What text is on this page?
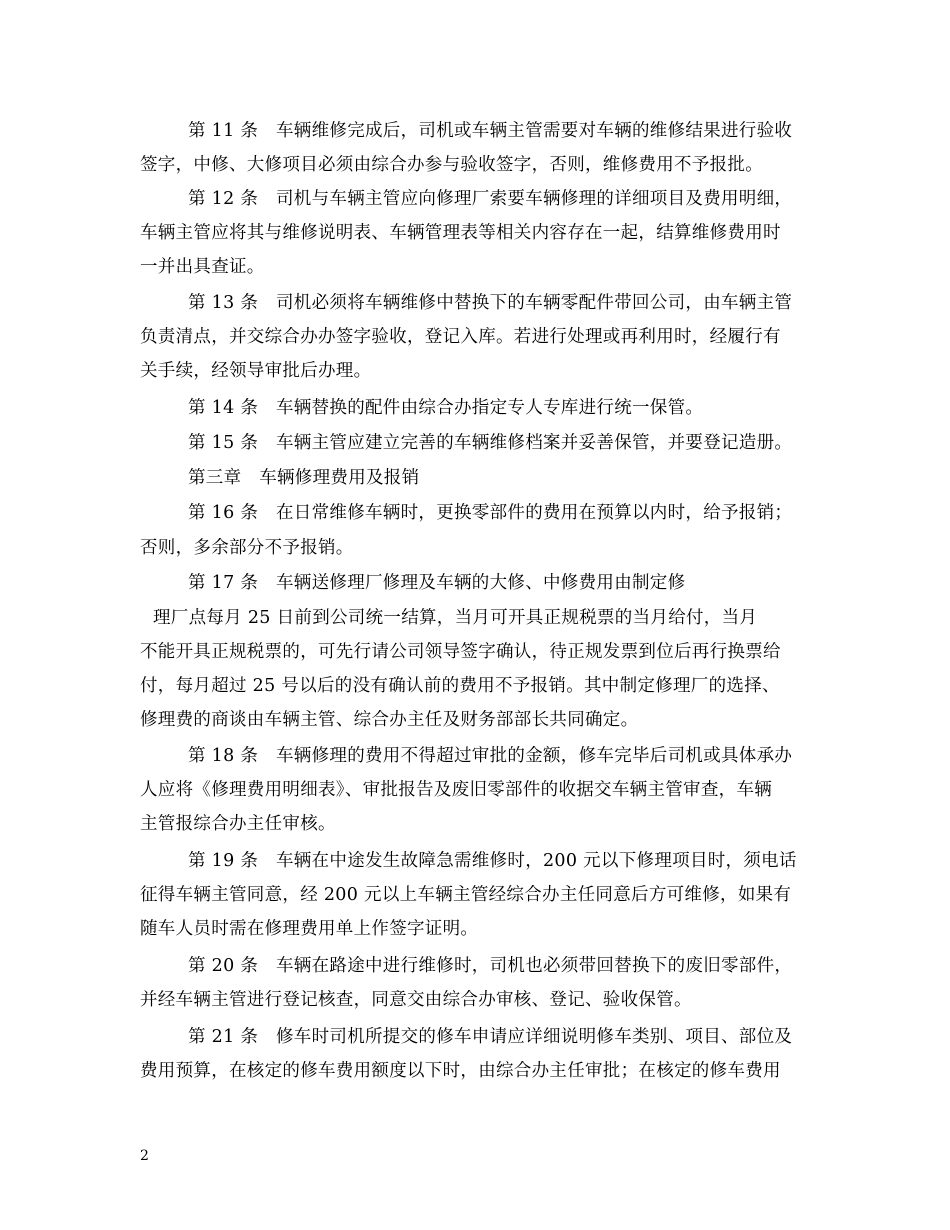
第 11 条　车辆维修完成后，司机或车辆主管需要对车辆的维修结果进行验收
签字，中修、大修项目必须由综合办参与验收签字，否则，维修费用不予报批。
第 12 条　司机与车辆主管应向修理厂索要车辆修理的详细项目及费用明细，
车辆主管应将其与维修说明表、车辆管理表等相关内容存在一起，结算维修费用时
一并出具查证。
第 13 条　司机必须将车辆维修中替换下的车辆零配件带回公司，由车辆主管
负责清点，并交综合办办签字验收，登记入库。若进行处理或再利用时，经履行有
关手续，经领导审批后办理。
第 14 条　车辆替换的配件由综合办指定专人专库进行统一保管。
第 15 条　车辆主管应建立完善的车辆维修档案并妥善保管，并要登记造册。
第三章　车辆修理费用及报销
第 16 条　在日常维修车辆时，更换零部件的费用在预算以内时，给予报销；
否则，多余部分不予报销。
第 17 条　车辆送修理厂修理及车辆的大修、中修费用由制定修
理厂点每月 25 日前到公司统一结算，当月可开具正规税票的当月给付，当月
不能开具正规税票的，可先行请公司领导签字确认，待正规发票到位后再行换票给
付，每月超过 25 号以后的没有确认前的费用不予报销。其中制定修理厂的选择、
修理费的商谈由车辆主管、综合办主任及财务部部长共同确定。
第 18 条　车辆修理的费用不得超过审批的金额，修车完毕后司机或具体承办
人应将《修理费用明细表》、审批报告及废旧零部件的收据交车辆主管审查，车辆
主管报综合办主任审核。
第 19 条　车辆在中途发生故障急需维修时，200 元以下修理项目时，须电话
征得车辆主管同意，经 200 元以上车辆主管经综合办主任同意后方可维修，如果有
随车人员时需在修理费用单上作签字证明。
第 20 条　车辆在路途中进行维修时，司机也必须带回替换下的废旧零部件，
并经车辆主管进行登记核查，同意交由综合办审核、登记、验收保管。
第 21 条　修车时司机所提交的修车申请应详细说明修车类别、项目、部位及
费用预算，在核定的修车费用额度以下时，由综合办主任审批；在核定的修车费用
2
